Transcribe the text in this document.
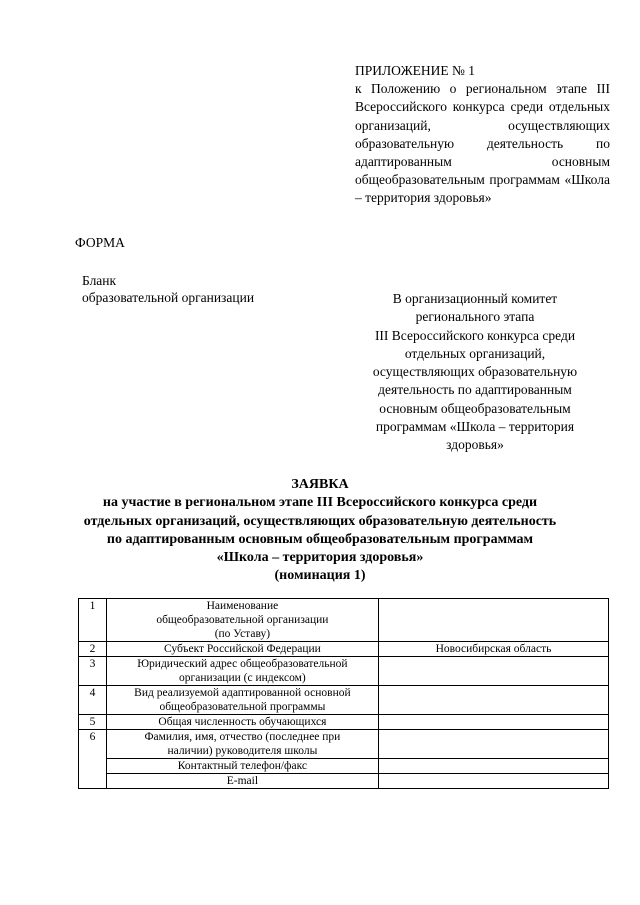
ПРИЛОЖЕНИЕ № 1
к Положению о региональном этапе III Всероссийского конкурса среди отдельных организаций, осуществляющих образовательную деятельность по адаптированным основным общеобразовательным программам «Школа – территория здоровья»
ФОРМА
Бланк
образовательной организации	В организационный комитет
регионального этапа
III Всероссийского конкурса среди
отдельных организаций,
осуществляющих образовательную
деятельность по адаптированным
основным общеобразовательным
программам «Школа – территория
здоровья»
ЗАЯВКА
на участие в региональном этапе III Всероссийского конкурса среди
отдельных организаций, осуществляющих образовательную деятельность
по адаптированным основным общеобразовательным программам
«Школа – территория здоровья»
(номинация 1)
1	Наименование
общеобразовательной организации
(по Уставу)	

2	Субъект Российской Федерации	Новосибирская область
3	Юридический адрес общеобразовательной
организации (с индексом)	

4	Вид реализуемой адаптированной основной
общеобразовательной программы	

5	Общая численность обучающихся	

6	Фамилия, имя, отчество (последнее при
наличии) руководителя школы	

	Контактный телефон/факс	

	E-mail	
